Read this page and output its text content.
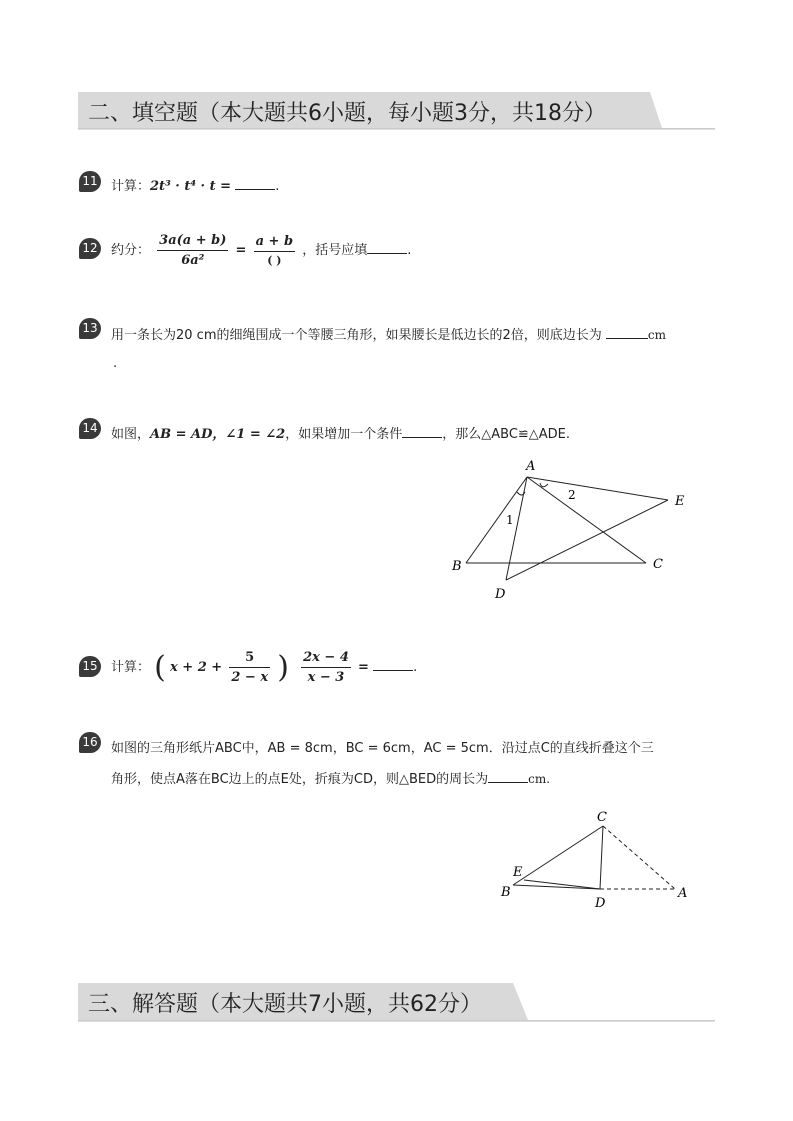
二、填空题（本大题共6小题，每小题3分，共18分）
11 计算：2t³ · t⁴ · t =	.
12 约分： $\frac{3a(a + b)}{\text{6a²}} = \frac{a + b}{( )}$ ，括号应填	.
13 用一条长为20 cm的细绳围成一个等腰三角形，如果腰长是低边长的2倍，则底边长为	cm
.
14 如图，AB = AD，∠1 = ∠2，如果增加一个条件	，那么△ABC≌△ADE.
A
B	C
D
E
1
2
15 计算： ( $x + 2 + \frac{5}{2 - x}$ ) $\frac{2x - 4}{x - 3}$ =	.
16 如图的三角形纸片ABC中，AB = 8cm，BC = 6cm，AC = 5cm．沿过点C的直线折叠这个三
角形，使点A落在BC边上的点E处，折痕为CD，则△BED的周长为	cm.
C
E
B
D
A
三、解答题（本大题共7小题，共62分）
